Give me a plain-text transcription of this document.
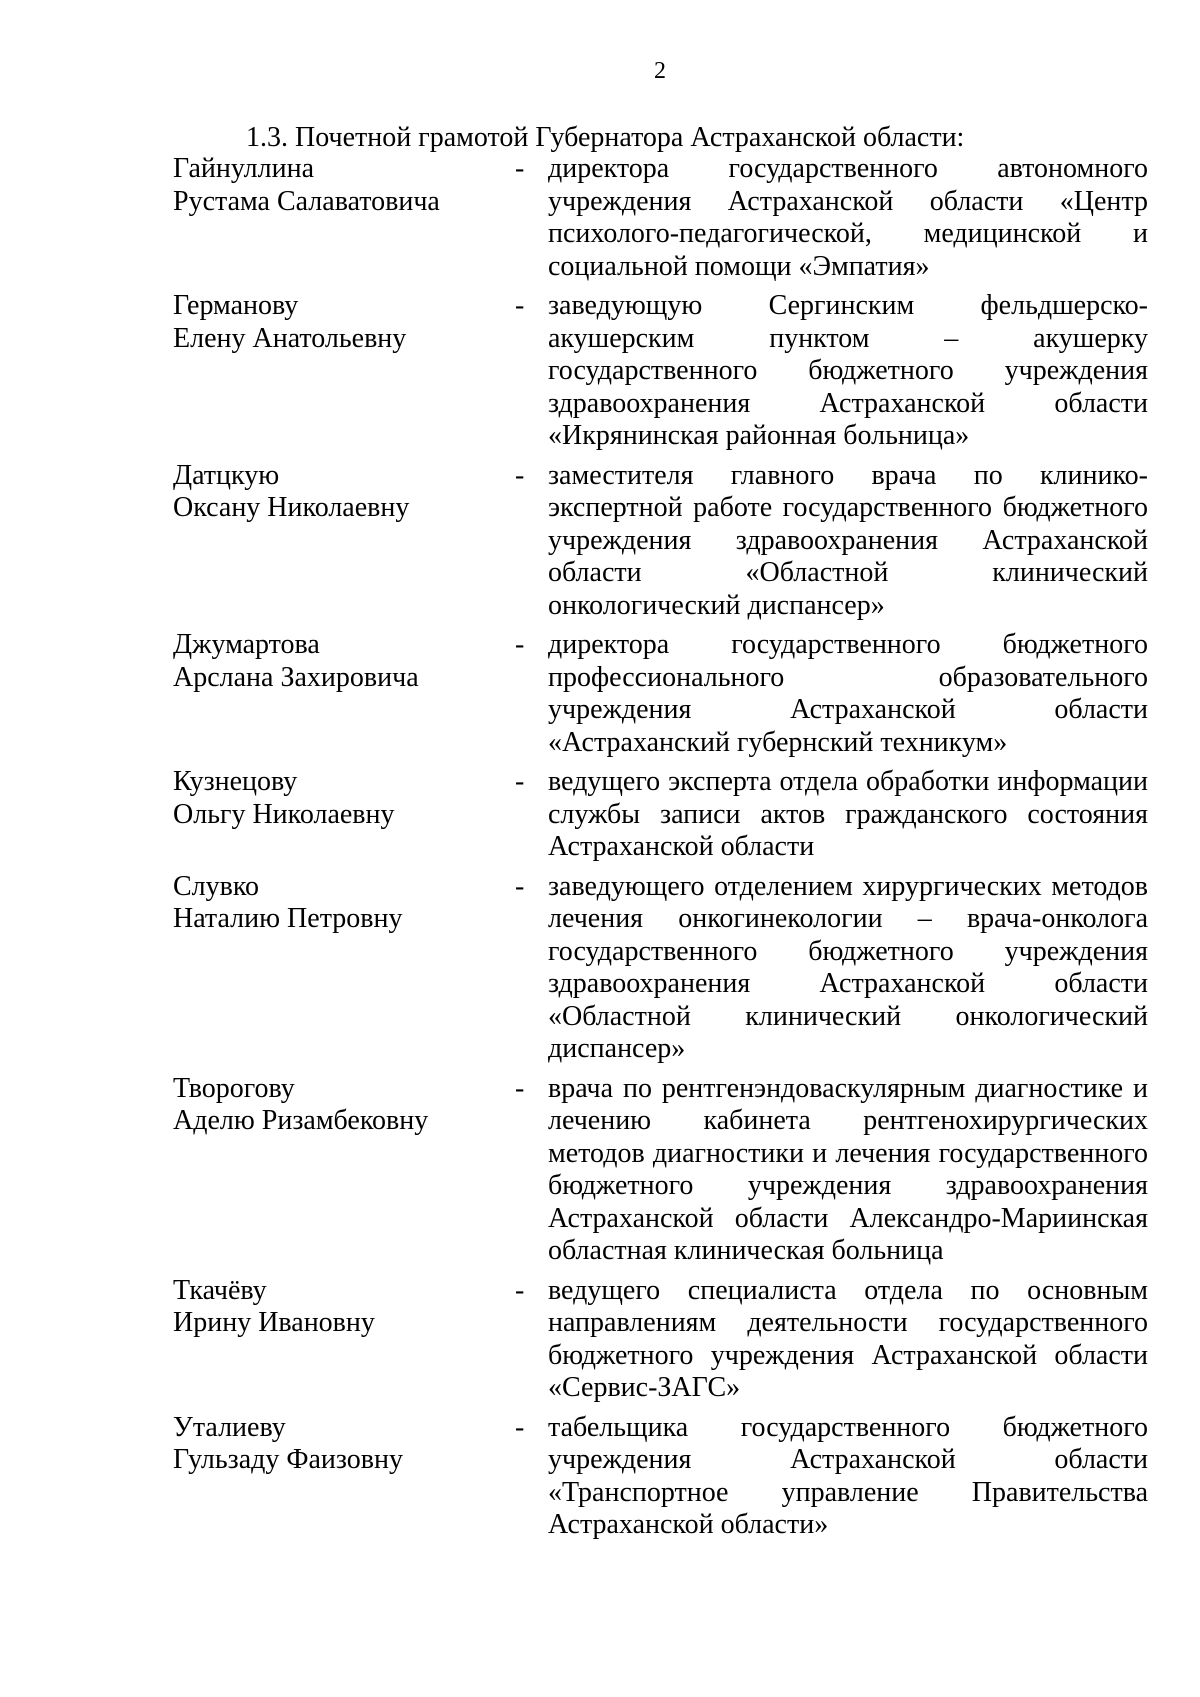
2
1.3. Почетной грамотой Губернатора Астраханской области:
Гайнуллина
Рустама Салаватовича
- директора государственного автономного учреждения Астраханской области «Центр психолого-педагогической, медицинской и социальной помощи «Эмпатия»
Германову
Елену Анатольевну
- заведующую Сергинским фельдшерско-акушерским пунктом – акушерку государственного бюджетного учреждения здравоохранения Астраханской области «Икрянинская районная больница»
Датцкую
Оксану Николаевну
- заместителя главного врача по клинико-экспертной работе государственного бюджетного учреждения здравоохранения Астраханской области «Областной клинический онкологический диспансер»
Джумартова
Арслана Захировича
- директора государственного бюджетного профессионального образовательного учреждения Астраханской области «Астраханский губернский техникум»
Кузнецову
Ольгу Николаевну
- ведущего эксперта отдела обработки информации службы записи актов гражданского состояния Астраханской области
Слувко
Наталию Петровну
- заведующего отделением хирургических методов лечения онкогинекологии – врача-онколога государственного бюджетного учреждения здравоохранения Астраханской области «Областной клинический онкологический диспансер»
Творогову
Аделю Ризамбековну
- врача по рентгенэндоваскулярным диагностике и лечению кабинета рентгенохирургических методов диагностики и лечения государственного бюджетного учреждения здравоохранения Астраханской области Александро-Мариинская областная клиническая больница
Ткачёву
Ирину Ивановну
- ведущего специалиста отдела по основным направлениям деятельности государственного бюджетного учреждения Астраханской области «Сервис-ЗАГС»
Уталиеву
Гульзаду Фаизовну
- табельщика государственного бюджетного учреждения Астраханской области «Транспортное управление Правительства Астраханской области»
